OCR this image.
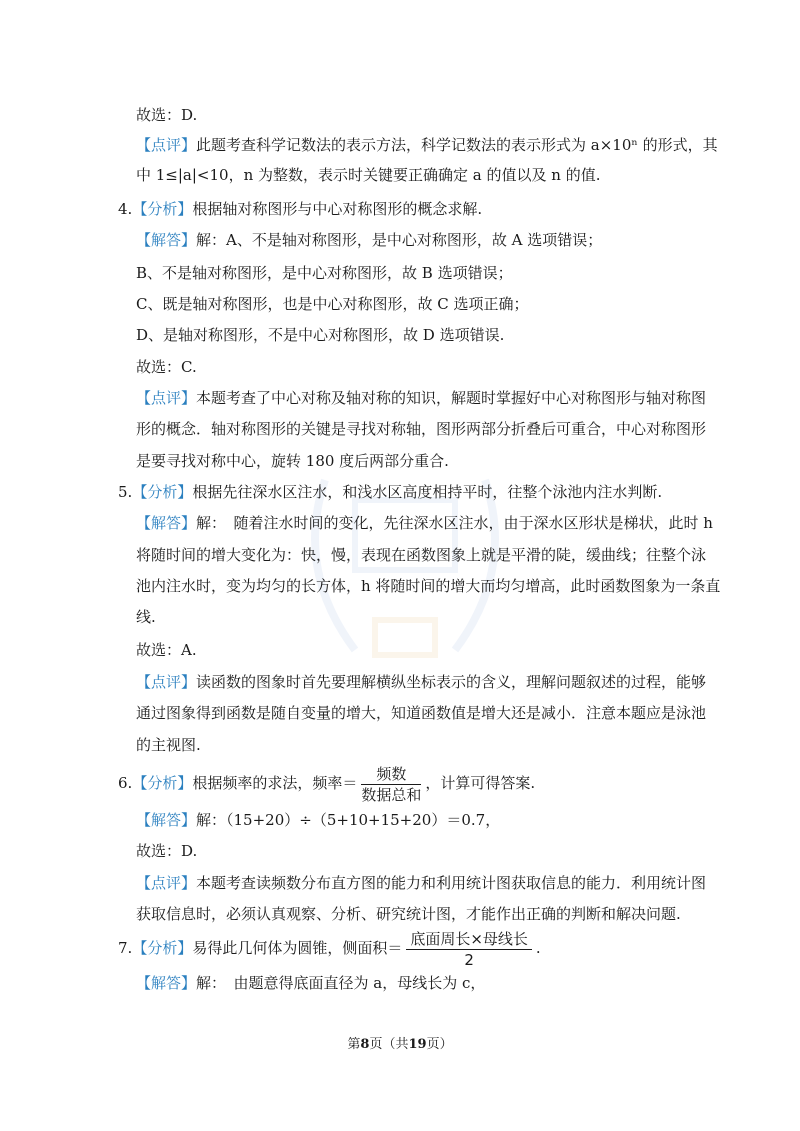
故选：D.
【点评】此题考查科学记数法的表示方法，科学记数法的表示形式为 a×10ⁿ 的形式，其
中 1≤|a|<10，n 为整数，表示时关键要正确确定 a 的值以及 n 的值.
4.【分析】根据轴对称图形与中心对称图形的概念求解.
【解答】解：A、不是轴对称图形，是中心对称图形，故 A 选项错误；
B、不是轴对称图形，是中心对称图形，故 B 选项错误；
C、既是轴对称图形，也是中心对称图形，故 C 选项正确；
D、是轴对称图形，不是中心对称图形，故 D 选项错误.
故选：C.
【点评】本题考查了中心对称及轴对称的知识，解题时掌握好中心对称图形与轴对称图
形的概念．轴对称图形的关键是寻找对称轴，图形两部分折叠后可重合，中心对称图形
是要寻找对称中心，旋转 180 度后两部分重合.
5.【分析】根据先往深水区注水，和浅水区高度相持平时，往整个泳池内注水判断.
【解答】解：　随着注水时间的变化，先往深水区注水，由于深水区形状是梯状，此时 h
将随时间的增大变化为：快，慢，表现在函数图象上就是平滑的陡，缓曲线；往整个泳
池内注水时，变为均匀的长方体，h 将随时间的增大而均匀增高，此时函数图象为一条直
线.
故选：A.
【点评】读函数的图象时首先要理解横纵坐标表示的含义，理解问题叙述的过程，能够
通过图象得到函数是随自变量的增大，知道函数值是增大还是减小．注意本题应是泳池
的主视图.
6.【分析】根据频率的求法，频率＝ $\frac{\text{频数}}{\text{数据总和}}$ ，计算可得答案.
【解答】解：（15+20）÷（5+10+15+20）＝0.7，
故选：D.
【点评】本题考查读频数分布直方图的能力和利用统计图获取信息的能力．利用统计图
获取信息时，必须认真观察、分析、研究统计图，才能作出正确的判断和解决问题.
7.【分析】易得此几何体为圆锥，侧面积＝ $\frac{\text{底面周长×母线长}}{2}$ .
【解答】解：　由题意得底面直径为 a，母线长为 c，
第8页（共19页）
